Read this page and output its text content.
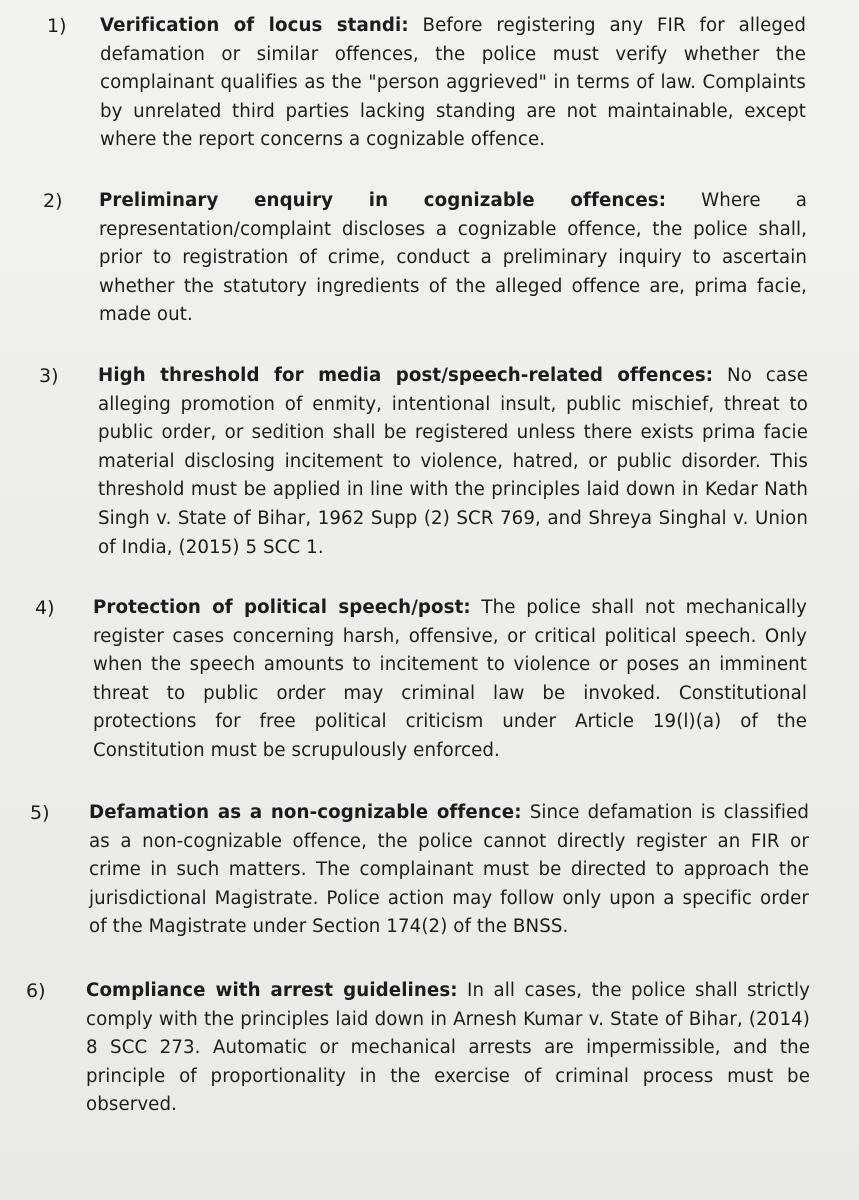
1) Verification of locus standi: Before registering any FIR for alleged defamation or similar offences, the police must verify whether the complainant qualifies as the "person aggrieved" in terms of law. Complaints by unrelated third parties lacking standing are not maintainable, except where the report concerns a cognizable offence.
2) Preliminary enquiry in cognizable offences: Where a representation/complaint discloses a cognizable offence, the police shall, prior to registration of crime, conduct a preliminary inquiry to ascertain whether the statutory ingredients of the alleged offence are, prima facie, made out.
3) High threshold for media post/speech-related offences: No case alleging promotion of enmity, intentional insult, public mischief, threat to public order, or sedition shall be registered unless there exists prima facie material disclosing incitement to violence, hatred, or public disorder. This threshold must be applied in line with the principles laid down in Kedar Nath Singh v. State of Bihar, 1962 Supp (2) SCR 769, and Shreya Singhal v. Union of India, (2015) 5 SCC 1.
4) Protection of political speech/post: The police shall not mechanically register cases concerning harsh, offensive, or critical political speech. Only when the speech amounts to incitement to violence or poses an imminent threat to public order may criminal law be invoked. Constitutional protections for free political criticism under Article 19(l)(a) of the Constitution must be scrupulously enforced.
5) Defamation as a non-cognizable offence: Since defamation is classified as a non-cognizable offence, the police cannot directly register an FIR or crime in such matters. The complainant must be directed to approach the jurisdictional Magistrate. Police action may follow only upon a specific order of the Magistrate under Section 174(2) of the BNSS.
6) Compliance with arrest guidelines: In all cases, the police shall strictly comply with the principles laid down in Arnesh Kumar v. State of Bihar, (2014) 8 SCC 273. Automatic or mechanical arrests are impermissible, and the principle of proportionality in the exercise of criminal process must be observed.
